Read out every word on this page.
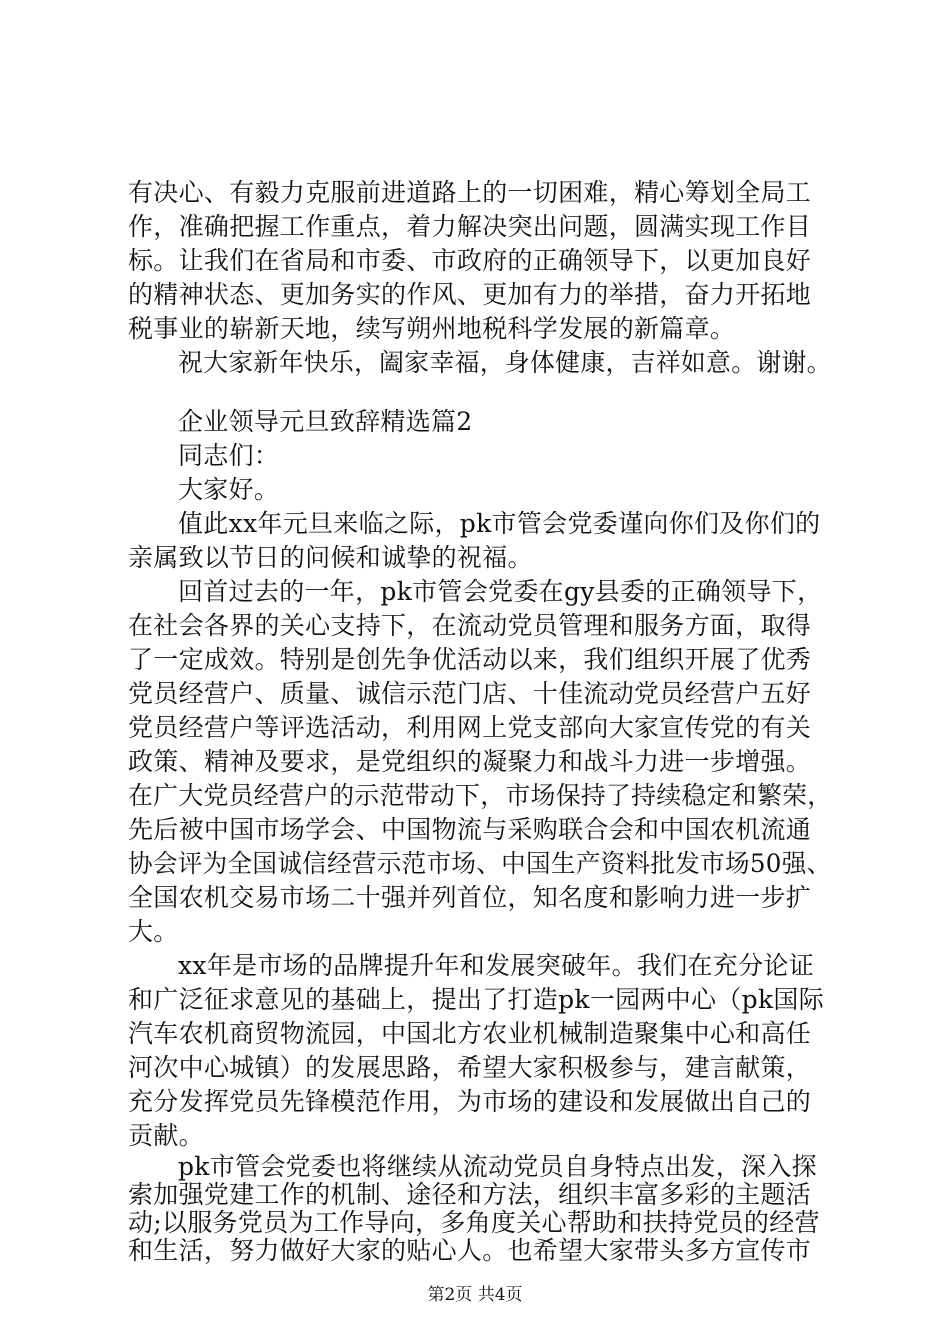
有决心、有毅力克服前进道路上的一切困难，精心筹划全局工
作，准确把握工作重点，着力解决突出问题，圆满实现工作目
标。让我们在省局和市委、市政府的正确领导下，以更加良好
的精神状态、更加务实的作风、更加有力的举措，奋力开拓地
税事业的崭新天地，续写朔州地税科学发展的新篇章。
祝大家新年快乐，阖家幸福，身体健康，吉祥如意。谢谢。
企业领导元旦致辞精选篇2
同志们：
大家好。
值此xx年元旦来临之际，pk市管会党委谨向你们及你们的
亲属致以节日的问候和诚挚的祝福。
回首过去的一年，pk市管会党委在gy县委的正确领导下，
在社会各界的关心支持下，在流动党员管理和服务方面，取得
了一定成效。特别是创先争优活动以来，我们组织开展了优秀
党员经营户、质量、诚信示范门店、十佳流动党员经营户五好
党员经营户等评选活动，利用网上党支部向大家宣传党的有关
政策、精神及要求，是党组织的凝聚力和战斗力进一步增强。
在广大党员经营户的示范带动下，市场保持了持续稳定和繁荣，
先后被中国市场学会、中国物流与采购联合会和中国农机流通
协会评为全国诚信经营示范市场、中国生产资料批发市场50强、
全国农机交易市场二十强并列首位，知名度和影响力进一步扩
大。
xx年是市场的品牌提升年和发展突破年。我们在充分论证
和广泛征求意见的基础上，提出了打造pk一园两中心（pk国际
汽车农机商贸物流园，中国北方农业机械制造聚集中心和高任
河次中心城镇）的发展思路，希望大家积极参与，建言献策，
充分发挥党员先锋模范作用，为市场的建设和发展做出自己的
贡献。
pk市管会党委也将继续从流动党员自身特点出发，深入探
索加强党建工作的机制、途径和方法，组织丰富多彩的主题活
动;以服务党员为工作导向，多角度关心帮助和扶持党员的经营
和生活，努力做好大家的贴心人。也希望大家带头多方宣传市
第2页 共4页
